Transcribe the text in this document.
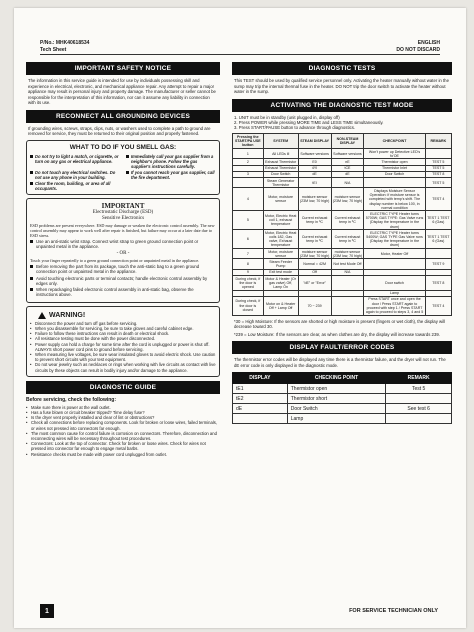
P/No.: MHK40618534
Tech Sheet
ENGLISH
DO NOT DISCARD
IMPORTANT SAFETY NOTICE
The information in this service guide is intended for use by individuals possessing skill and experience in electrical, electronic, and mechanical appliance repair. Any attempt to repair a major appliance may result in personal injury and property damage. The manufacturer or seller cannot be responsible for the interpretation of this information, nor can it assume any liability in connection with its use.
RECONNECT ALL GROUNDING DEVICES
If grounding wires, screws, straps, clips, nuts, or washers used to complete a path to ground are removed for service, they must be returned to their original position and properly fastened.
WHAT TO DO IF YOU SMELL GAS:
Do not try to light a match, or cigarette, or turn on any gas or electrical appliance.
Immediately call your gas supplier from a neighbor's phone. Follow the gas supplier's instructions carefully.
Do not touch any electrical switches. Do not use any phone in your building.
If you cannot reach your gas supplier, call the fire department.
Clear the room, building, or area of all occupants.
IMPORTANT
Electrostatic Discharge (ESD)
Sensitive Electronics
ESD problems are present everywhere. ESD may damage or weaken the electronic control assembly. The new control assembly may appear to work well after repair is finished, but failure may occur at a later date due to ESD stress.
Use an anti-static wrist strap. Connect wrist strap to green ground connection point or unpainted metal in the appliance.
- OR -
Touch your finger repeatedly to a green ground connection point or unpainted metal in the appliance.
Before removing the part from its package, touch the anti-static bag to a green ground connection point or unpainted metal in the appliance.
Avoid touching electronic parts or terminal contacts; handle electronic control assembly by edges only.
When repackaging failed electronic control assembly in anti-static bag, observe the instructions above.
WARNING!
• Disconnect the power and turn off gas before servicing.
• When you disassemble for servicing, be sure to take gloves and careful cabinet edge.
• Failure to follow these instructions can result in death or electrical shock.
• All resistance testing must be done with the power disconnected.
• Power supply can hold a charge for some time after the cord is unplugged or power is shut off. ALWAYS short power cord pins to ground before servicing.
• When measuring live voltages, be sure wear insulated gloves to avoid electric shock. Use caution to prevent short circuits with your test equipment.
• Do not wear jewelry such as necklaces or rings when working with live circuits as contact with live circuits by these objects can result in bodily injury and/or damage to the appliance.
DIAGNOSTIC GUIDE
Before servicing, check the following:
• Make sure there is power at the wall outlet.
• Has a fuse blown or circuit breaker tripped? Time delay fuse?
• Is the dryer vent properly installed and clear of lint or obstructions?
• Check all connections before replacing components. Look for broken or loose wires, failed terminals, or wires not pressed into connectors far enough.
• The most common cause for control failure is corrosion on connectors. Therefore, disconnection and reconnecting wires will be necessary throughout test procedures.
• Connectors: Look at the top of connector. Check for broken or loose wires. Check for wires not pressed into connector far enough to engage metal barbs.
• Resistance checks must be made with power cord unplugged from outlet.
DIAGNOSTIC TESTS
This TEST should be used by qualified service personnel only. Activating the heater manually without water in the sump may trip the internal thermal fuse in the heater. DO NOT trip the door switch to activate the heater without water in the sump.
ACTIVATING THE DIAGNOSTIC TEST MODE
1. UNIT must be in standby (unit plugged in, display off)
2. Press POWER while pressing MORE TIME and LESS TIME simultaneously.
3. Press START/PAUSE button to advance through diagnostics.
Pressing the START/PA USE button	SYSTEM	STEAM DISPLAY	NON-STEAM DISPLAY	CHECKPOINT	REMARK
1	All LEDs ill	Software versions	Software versions	Won't power up Detective LED's fo'OE	
2	Exhaust Thermistor	E0	nE	Thermistor open	TEST 5
	Exhaust Thermistor	4YI	tCE	Thermistor Inlet	TEST 5
3	Door Switch	dE	dE	Door Switch	TEST 8
	Steam Generator Thermistor	tEI	N/A		TEST 5
4	Motor, moisture sensor	moisture sensor (23M low, 70 high)	moisture sensor (23M low, 70 high)	Displays Moisture Sensor Operation: if moisture sensor is completed with temp's shift. The display number is below 100, in normal condition	TEST 4
5	Motor, Electric Heat coil 1, exhaust temperature	Current exhaust temp in ºC	Current exhaust temp in ºC	ELECTRIC TYPE Heater turns 5700W; GAS TYPE: Gas Valve runs (Display the temperature in the drum)	TEST 1 TEST 6 (Gas)
6	Motor, Electric Heat coils 182, Gas valve, Exhaust temperature	Current exhaust temp in ºC	Current exhaust temp in ºC	ELECTRIC TYPE Heater turns 5400W; GAS TYPE Gas Valve runs (Display the temperature in the drum)	TEST 1 TEST 6 (Gas)
7	Motor, moisture sensor	moisture sensor (23M low, 70 high)	moisture sensor (23M low, 70 high)	Motor, Heater Off	
8	Steam Feeder Pump	Normal = 42M	Not test Mode Off		TEST 9
9	Exit test mode	Off	N/A		
During check, if the door is opened	Motor & Heater (Or gas valve) Off, Lamp On	"dE" or "Error"		Door switch	TEST 8
				Lamp	
During check, if the door is closed	Motor on & Heater Off + Lamp Off	70 ~ 239		Press START once and open the door / Press START again to proceed with step 1 / Press START again to proceed to steps 3, 4 and 5	TEST 4
*30 = High Moisture: If the sensors are shorted or high moisture is present (fingers or wet cloth), the display will decrease toward 30.
*239 = Low Moisture: If the sensors are clear, as when clothes are dry, the display will increase towards 239.
DISPLAY FAULT/ERROR CODES
The thermistor error codes will be displayed any time there is a thermistor failure, and the dryer will not run. The dE error code is only displayed in the diagnostic mode.
DISPLAY	CHECKING POINT	REMARK
tE1	Thermistor open	Test 5
tE2	Thermistor short	
dE	Door Switch	See test 6
	Lamp	
1	FOR SERVICE TECHNICIAN ONLY
